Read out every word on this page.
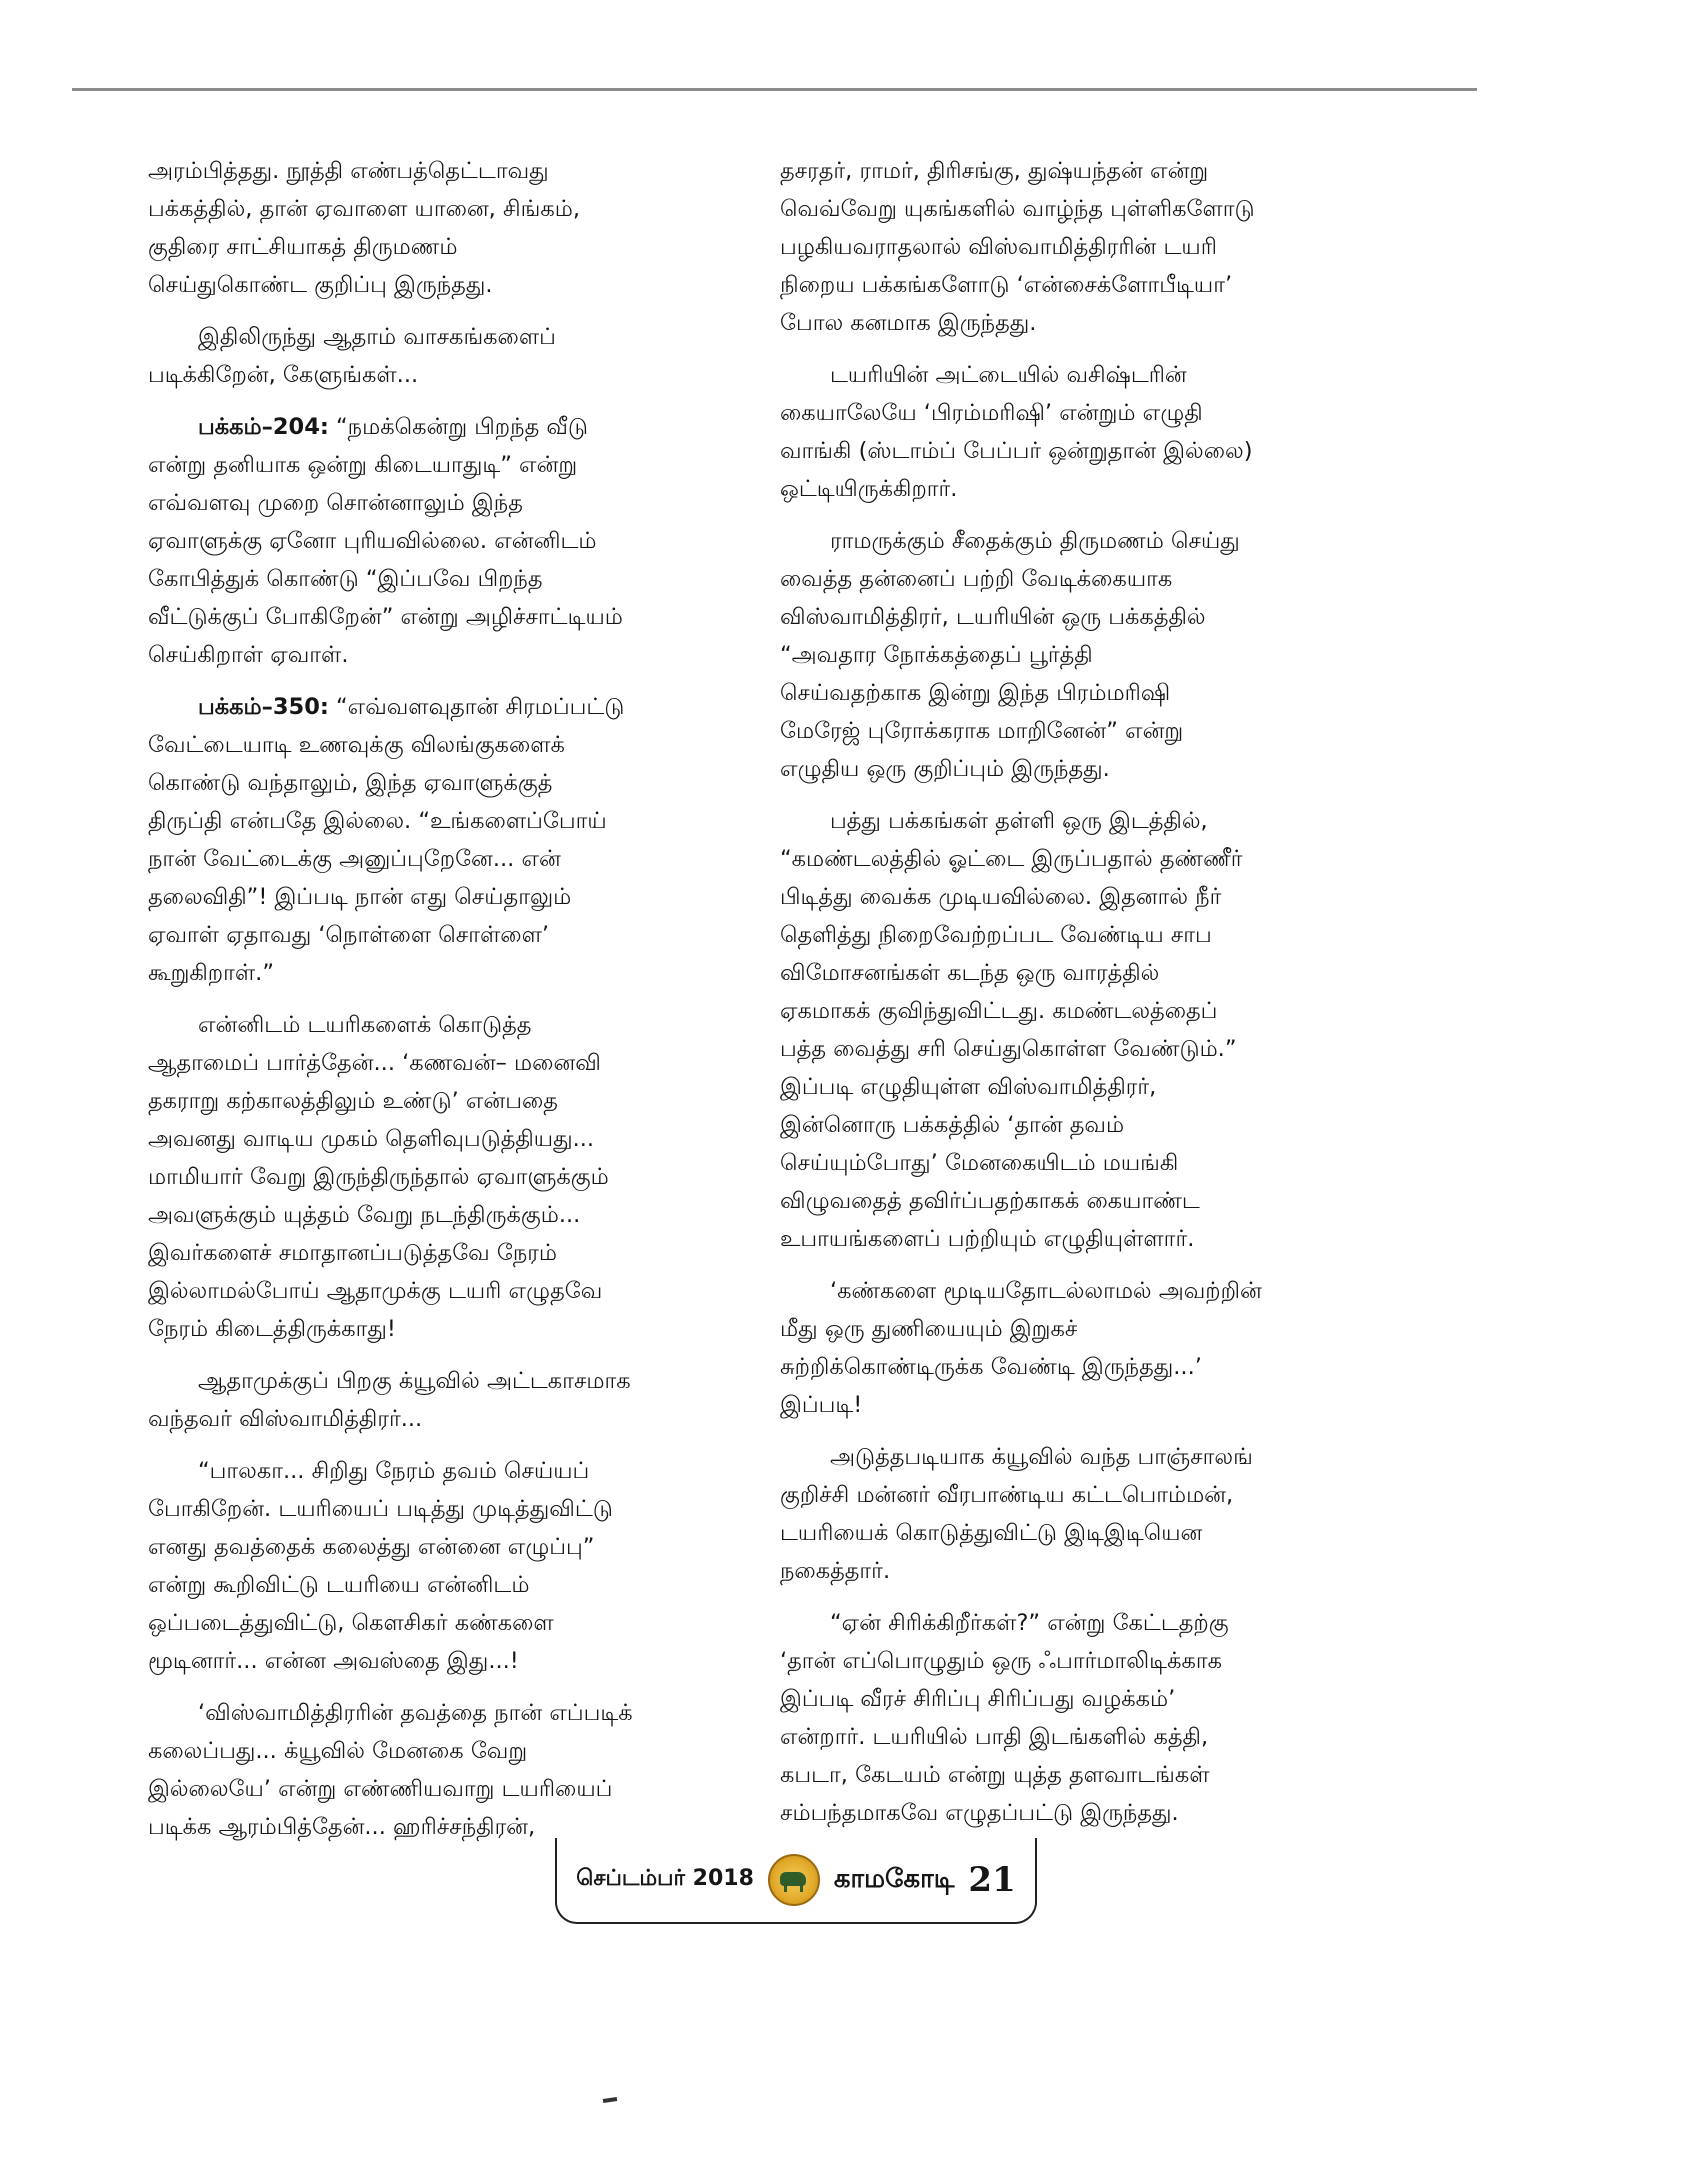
அரம்பித்தது. நூத்தி எண்பத்தெட்டாவது
பக்கத்தில், தான் ஏவாளை யானை, சிங்கம்,
குதிரை சாட்சியாகத் திருமணம்
செய்துகொண்ட குறிப்பு இருந்தது.

இதிலிருந்து ஆதாம் வாசகங்களைப்
படிக்கிறேன், கேளுங்கள்...

பக்கம்–204: “நமக்கென்று பிறந்த வீடு
என்று தனியாக ஒன்று கிடையாதுடி” என்று
எவ்வளவு முறை சொன்னாலும் இந்த
ஏவாளுக்கு ஏனோ புரியவில்லை. என்னிடம்
கோபித்துக் கொண்டு “இப்பவே பிறந்த
வீட்டுக்குப் போகிறேன்” என்று அழிச்சாட்டியம்
செய்கிறாள் ஏவாள்.

பக்கம்–350: “எவ்வளவுதான் சிரமப்பட்டு
வேட்டையாடி உணவுக்கு விலங்குகளைக்
கொண்டு வந்தாலும், இந்த ஏவாளுக்குத்
திருப்தி என்பதே இல்லை. “உங்களைப்போய்
நான் வேட்டைக்கு அனுப்புறேனே... என்
தலைவிதி”! இப்படி நான் எது செய்தாலும்
ஏவாள் ஏதாவது ‘நொள்ளை சொள்ளை’
கூறுகிறாள்.”

என்னிடம் டயரிகளைக் கொடுத்த
ஆதாமைப் பார்த்தேன்... ‘கணவன்– மனைவி
தகராறு கற்காலத்திலும் உண்டு’ என்பதை
அவனது வாடிய முகம் தெளிவுபடுத்தியது...
மாமியார் வேறு இருந்திருந்தால் ஏவாளுக்கும்
அவளுக்கும் யுத்தம் வேறு நடந்திருக்கும்...
இவர்களைச் சமாதானப்படுத்தவே நேரம்
இல்லாமல்போய் ஆதாமுக்கு டயரி எழுதவே
நேரம் கிடைத்திருக்காது!

ஆதாமுக்குப் பிறகு க்யூவில் அட்டகாசமாக
வந்தவர் விஸ்வாமித்திரர்...

“பாலகா... சிறிது நேரம் தவம் செய்யப்
போகிறேன். டயரியைப் படித்து முடித்துவிட்டு
எனது தவத்தைக் கலைத்து என்னை எழுப்பு”
என்று கூறிவிட்டு டயரியை என்னிடம்
ஒப்படைத்துவிட்டு, கௌசிகர் கண்களை
மூடினார்... என்ன அவஸ்தை இது...!

‘விஸ்வாமித்திரரின் தவத்தை நான் எப்படிக்
கலைப்பது... க்யூவில் மேனகை வேறு
இல்லையே’ என்று எண்ணியவாறு டயரியைப்
படிக்க ஆரம்பித்தேன்... ஹரிச்சந்திரன்,

தசரதர், ராமர், திரிசங்கு, துஷ்யந்தன் என்று
வெவ்வேறு யுகங்களில் வாழ்ந்த புள்ளிகளோடு
பழகியவராதலால் விஸ்வாமித்திரரின் டயரி
நிறைய பக்கங்களோடு ‘என்சைக்ளோபீடியா’
போல கனமாக இருந்தது.

டயரியின் அட்டையில் வசிஷ்டரின்
கையாலேயே ‘பிரம்மரிஷி’ என்றும் எழுதி
வாங்கி (ஸ்டாம்ப் பேப்பர் ஒன்றுதான் இல்லை)
ஒட்டியிருக்கிறார்.

ராமருக்கும் சீதைக்கும் திருமணம் செய்து
வைத்த தன்னைப் பற்றி வேடிக்கையாக
விஸ்வாமித்திரர், டயரியின் ஒரு பக்கத்தில்
“அவதார நோக்கத்தைப் பூர்த்தி
செய்வதற்காக இன்று இந்த பிரம்மரிஷி
மேரேஜ் புரோக்கராக மாறினேன்” என்று
எழுதிய ஒரு குறிப்பும் இருந்தது.

பத்து பக்கங்கள் தள்ளி ஒரு இடத்தில்,
“கமண்டலத்தில் ஓட்டை இருப்பதால் தண்ணீர்
பிடித்து வைக்க முடியவில்லை. இதனால் நீர்
தெளித்து நிறைவேற்றப்பட வேண்டிய சாப
விமோசனங்கள் கடந்த ஒரு வாரத்தில்
ஏகமாகக் குவிந்துவிட்டது. கமண்டலத்தைப்
பத்த வைத்து சரி செய்துகொள்ள வேண்டும்.”
இப்படி எழுதியுள்ள விஸ்வாமித்திரர்,
இன்னொரு பக்கத்தில் ‘தான் தவம்
செய்யும்போது’ மேனகையிடம் மயங்கி
விழுவதைத் தவிர்ப்பதற்காகக் கையாண்ட
உபாயங்களைப் பற்றியும் எழுதியுள்ளார்.

‘கண்களை மூடியதோடல்லாமல் அவற்றின்
மீது ஒரு துணியையும் இறுகச்
சுற்றிக்கொண்டிருக்க வேண்டி இருந்தது...’
இப்படி!

அடுத்தபடியாக க்யூவில் வந்த பாஞ்சாலங்
குறிச்சி மன்னர் வீரபாண்டிய கட்டபொம்மன்,
டயரியைக் கொடுத்துவிட்டு இடிஇடியென
நகைத்தார்.

“ஏன் சிரிக்கிறீர்கள்?” என்று கேட்டதற்கு
‘தான் எப்பொழுதும் ஒரு ஃபார்மாலிடிக்காக
இப்படி வீரச் சிரிப்பு சிரிப்பது வழக்கம்’
என்றார். டயரியில் பாதி இடங்களில் கத்தி,
கபடா, கேடயம் என்று யுத்த தளவாடங்கள்
சம்பந்தமாகவே எழுதப்பட்டு இருந்தது.

செப்டம்பர் 2018	காமகோடி 21
